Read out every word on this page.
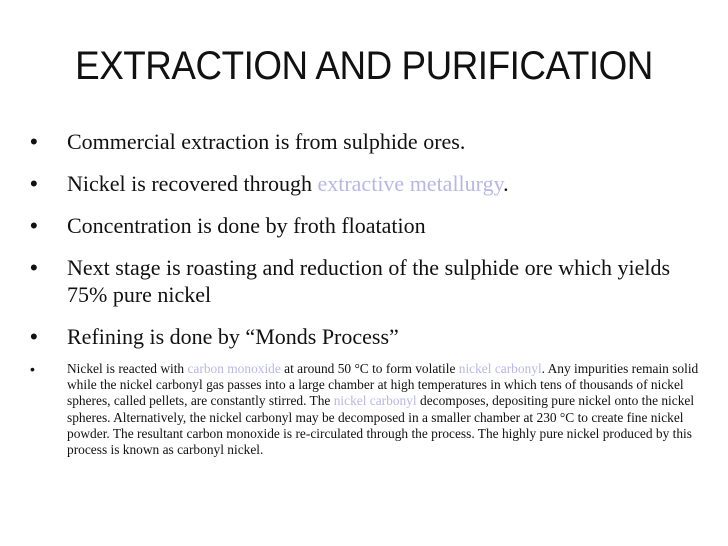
EXTRACTION AND PURIFICATION
• Commercial extraction is from sulphide ores.
• Nickel is recovered through extractive metallurgy.
• Concentration is done by froth floatation
• Next stage is roasting and reduction of the sulphide ore which yields 75% pure nickel
• Refining is done by “Monds Process”
• Nickel is reacted with carbon monoxide at around 50 °C to form volatile nickel carbonyl. Any impurities remain solid while the nickel carbonyl gas passes into a large chamber at high temperatures in which tens of thousands of nickel spheres, called pellets, are constantly stirred. The nickel carbonyl decomposes, depositing pure nickel onto the nickel spheres. Alternatively, the nickel carbonyl may be decomposed in a smaller chamber at 230 °C to create fine nickel powder. The resultant carbon monoxide is re-circulated through the process. The highly pure nickel produced by this process is known as carbonyl nickel.
